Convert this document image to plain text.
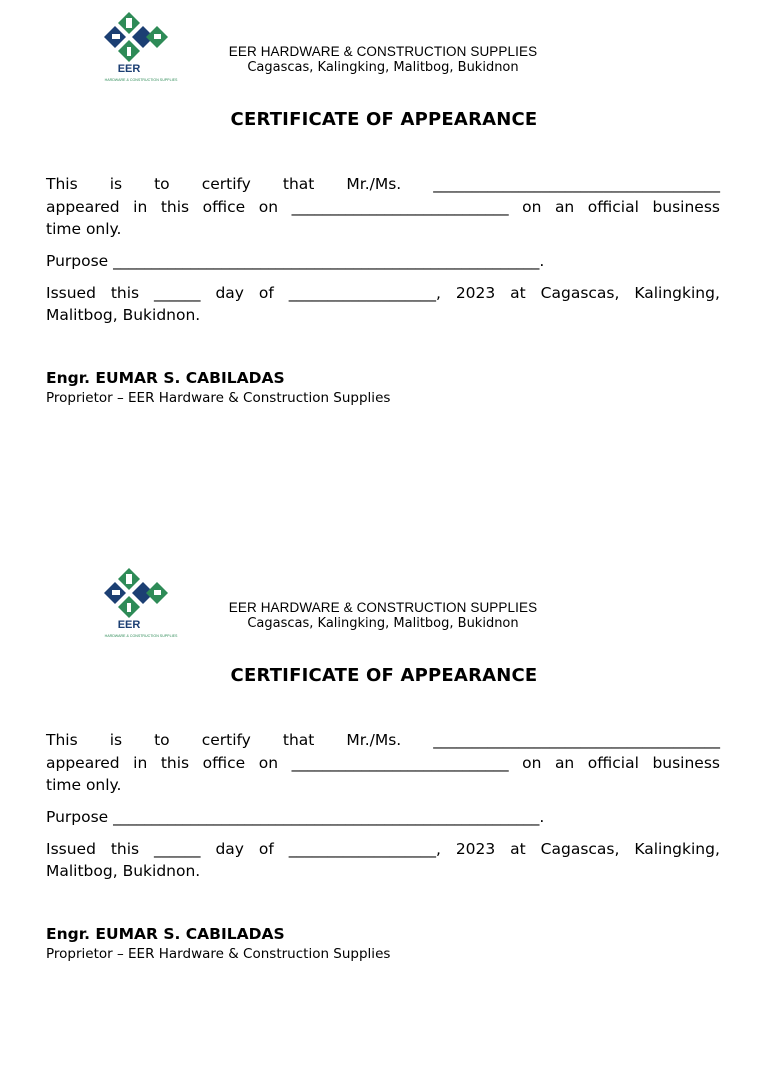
EER
HARDWARE & CONSTRUCTION SUPPLIES
EER HARDWARE & CONSTRUCTION SUPPLIES
Cagascas, Kalingking, Malitbog, Bukidnon
CERTIFICATE OF APPEARANCE
This is to certify that Mr./Ms. _____________________________________
appeared in this office on ____________________________ on an official business
time only.
Purpose _______________________________________________________.
Issued this ______ day of ___________________, 2023 at Cagascas, Kalingking,
Malitbog, Bukidnon.
Engr. EUMAR S. CABILADAS
Proprietor – EER Hardware & Construction Supplies
EER
HARDWARE & CONSTRUCTION SUPPLIES
EER HARDWARE & CONSTRUCTION SUPPLIES
Cagascas, Kalingking, Malitbog, Bukidnon
CERTIFICATE OF APPEARANCE
This is to certify that Mr./Ms. _____________________________________
appeared in this office on ____________________________ on an official business
time only.
Purpose _______________________________________________________.
Issued this ______ day of ___________________, 2023 at Cagascas, Kalingking,
Malitbog, Bukidnon.
Engr. EUMAR S. CABILADAS
Proprietor – EER Hardware & Construction Supplies
